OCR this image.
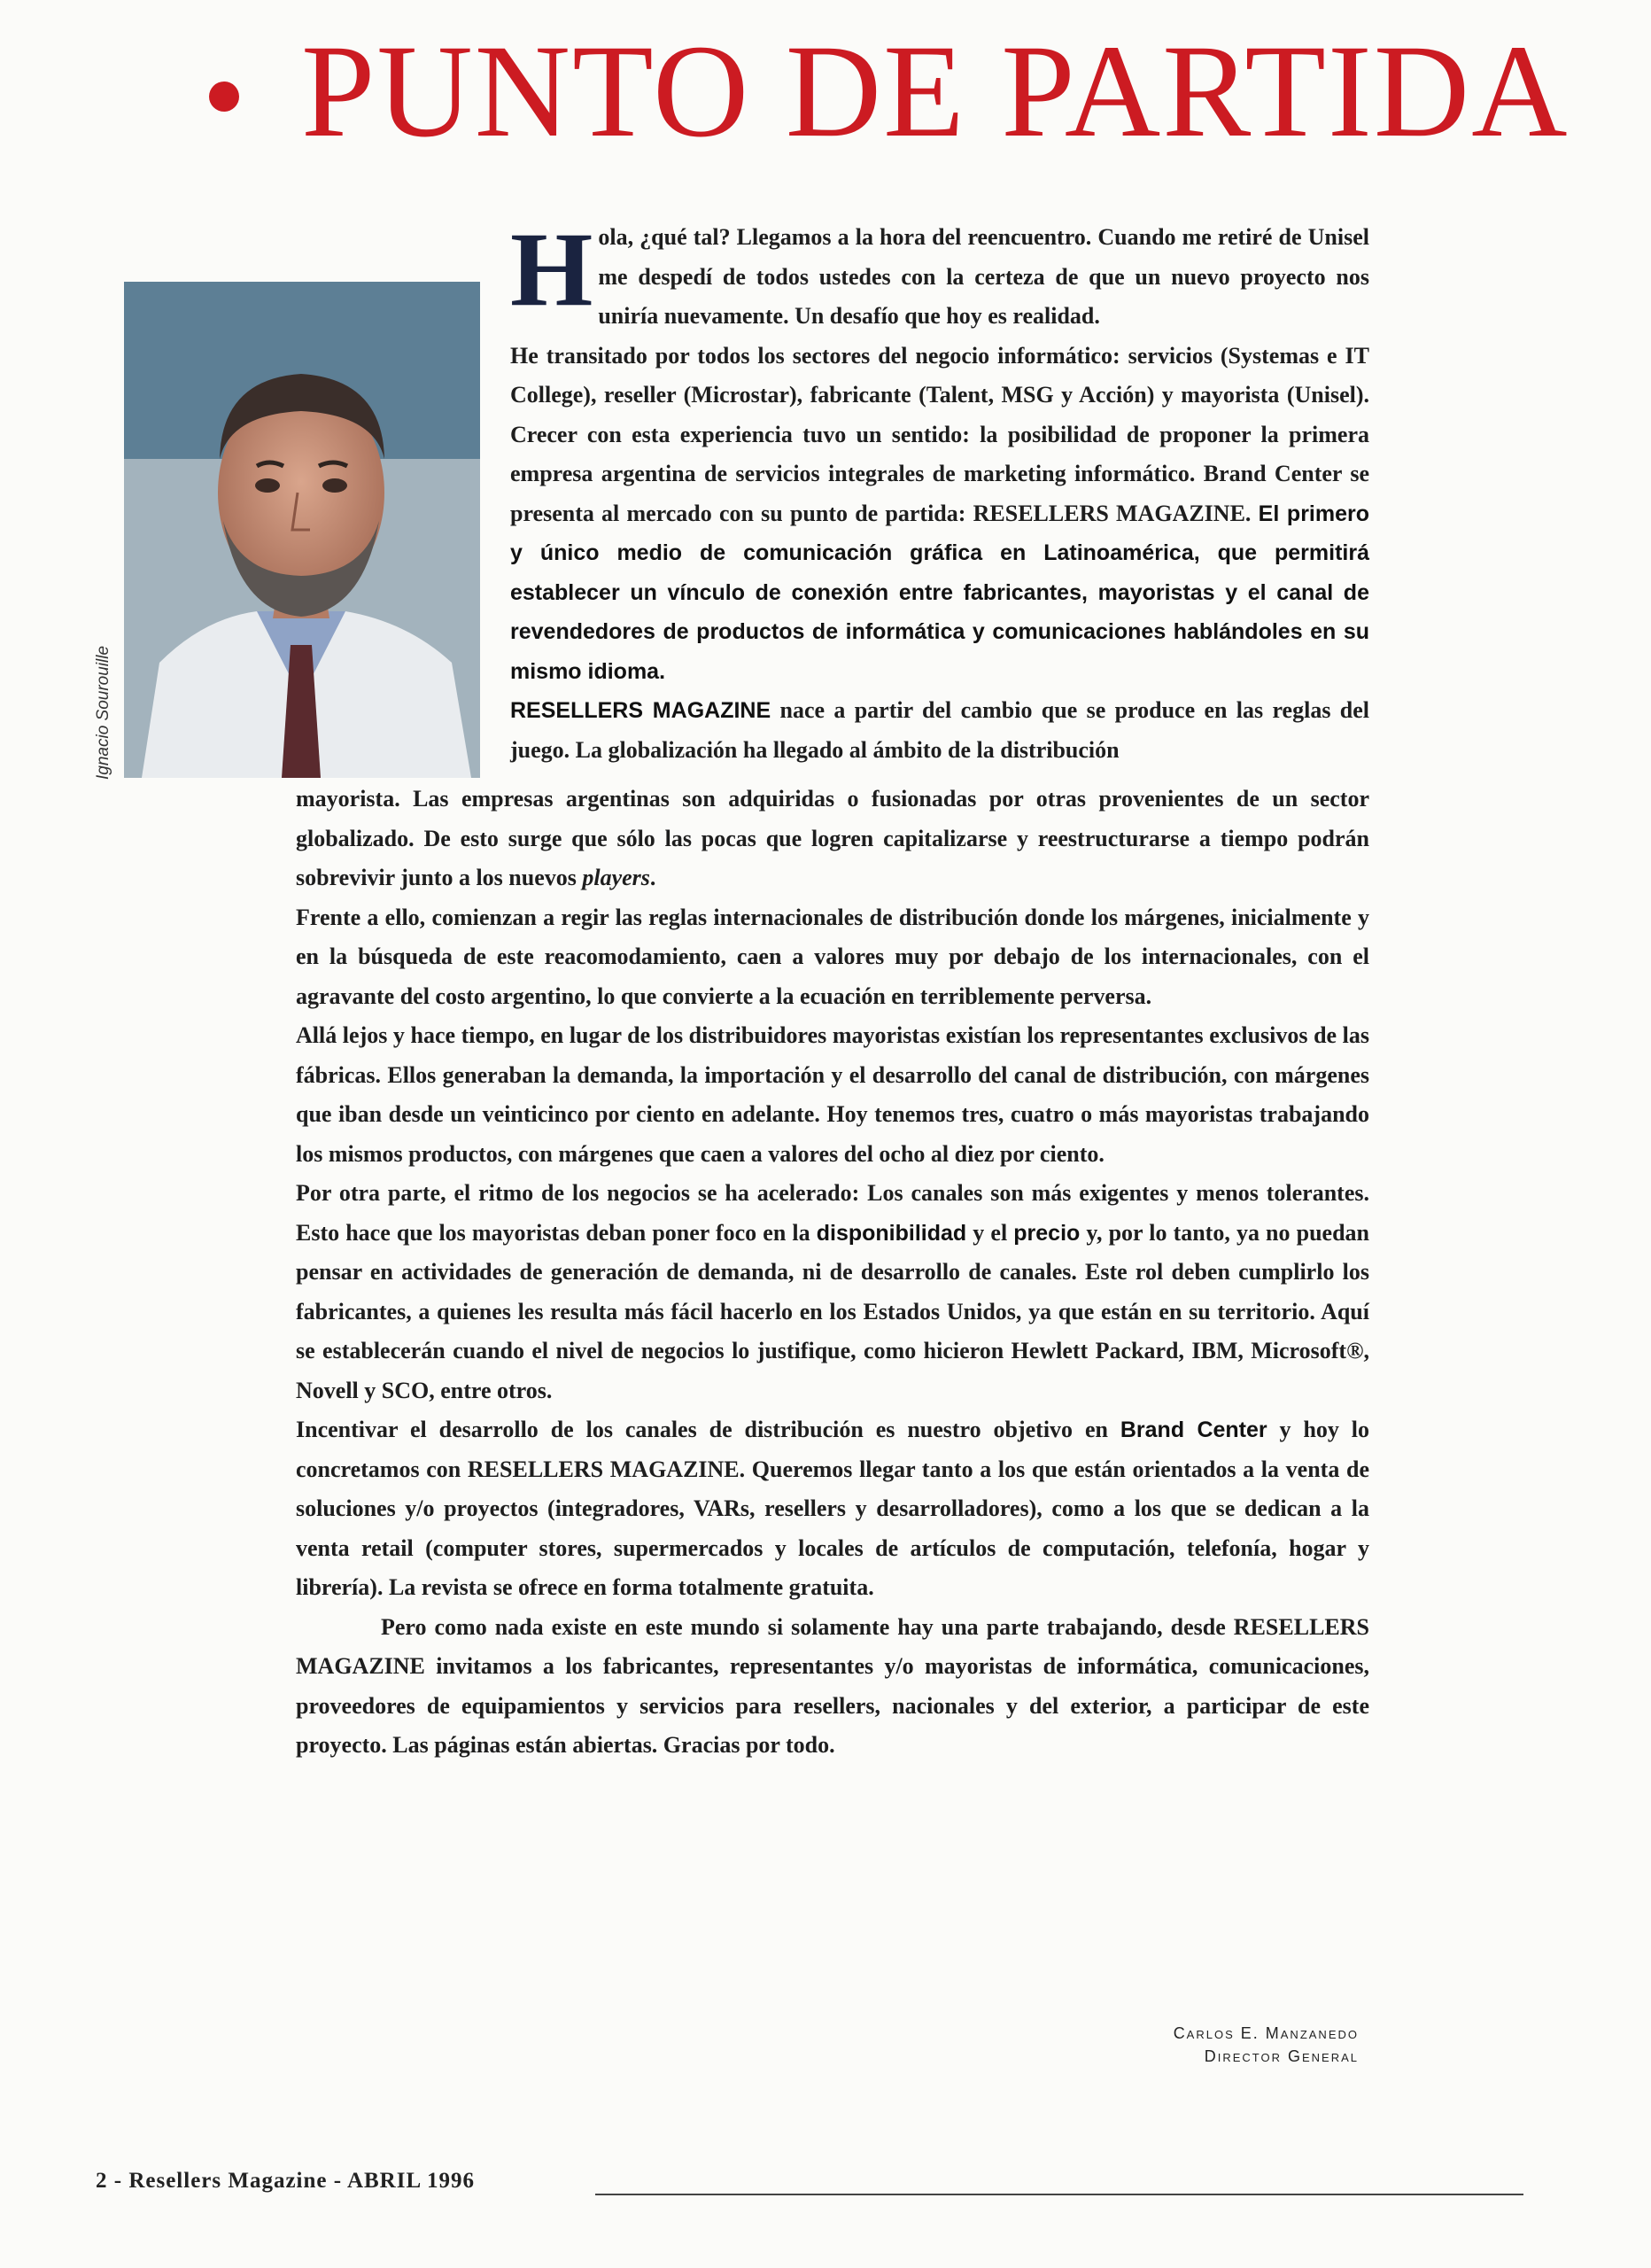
PUNTO DE PARTIDA
Ignacio Sourouille
H ola, ¿qué tal? Llegamos a la hora del reencuentro. Cuando me retiré de Unisel me despedí de todos ustedes con la certeza de que un nuevo proyecto nos uniría nuevamente. Un desafío que hoy es realidad.

He transitado por todos los sectores del negocio informático: servicios (Systemas e IT College), reseller (Microstar), fabricante (Talent, MSG y Acción) y mayorista (Unisel). Crecer con esta experiencia tuvo un sentido: la posibilidad de proponer la primera empresa argentina de servicios integrales de marketing informático. Brand Center se presenta al mercado con su punto de partida: RESELLERS MAGAZINE. El primero y único medio de comunicación gráfica en Latinoamérica, que permitirá establecer un vínculo de conexión entre fabricantes, mayoristas y el canal de revendedores de productos de informática y comunicaciones hablándoles en su mismo idioma.

RESELLERS MAGAZINE nace a partir del cambio que se produce en las reglas del juego. La globalización ha llegado al ámbito de la distribución

mayorista. Las empresas argentinas son adquiridas o fusionadas por otras provenientes de un sector globalizado. De esto surge que sólo las pocas que logren capitalizarse y reestructurarse a tiempo podrán sobrevivir junto a los nuevos players.

Frente a ello, comienzan a regir las reglas internacionales de distribución donde los márgenes, inicialmente y en la búsqueda de este reacomodamiento, caen a valores muy por debajo de los internacionales, con el agravante del costo argentino, lo que convierte a la ecuación en terriblemente perversa.

Allá lejos y hace tiempo, en lugar de los distribuidores mayoristas existían los representantes exclusivos de las fábricas. Ellos generaban la demanda, la importación y el desarrollo del canal de distribución, con márgenes que iban desde un veinticinco por ciento en adelante. Hoy tenemos tres, cuatro o más mayoristas trabajando los mismos productos, con márgenes que caen a valores del ocho al diez por ciento.

Por otra parte, el ritmo de los negocios se ha acelerado: Los canales son más exigentes y menos tolerantes. Esto hace que los mayoristas deban poner foco en la disponibilidad y el precio y, por lo tanto, ya no puedan pensar en actividades de generación de demanda, ni de desarrollo de canales. Este rol deben cumplirlo los fabricantes, a quienes les resulta más fácil hacerlo en los Estados Unidos, ya que están en su territorio. Aquí se establecerán cuando el nivel de negocios lo justifique, como hicieron Hewlett Packard, IBM, Microsoft®, Novell y SCO, entre otros.

Incentivar el desarrollo de los canales de distribución es nuestro objetivo en Brand Center y hoy lo concretamos con RESELLERS MAGAZINE. Queremos llegar tanto a los que están orientados a la venta de soluciones y/o proyectos (integradores, VARs, resellers y desarrolladores), como a los que se dedican a la venta retail (computer stores, supermercados y locales de artículos de computación, telefonía, hogar y librería). La revista se ofrece en forma totalmente gratuita.

Pero como nada existe en este mundo si solamente hay una parte trabajando, desde RESELLERS MAGAZINE invitamos a los fabricantes, representantes y/o mayoristas de informática, comunicaciones, proveedores de equipamientos y servicios para resellers, nacionales y del exterior, a participar de este proyecto. Las páginas están abiertas. Gracias por todo.

Carlos E. Manzanedo
Director General
2 - Resellers Magazine - ABRIL 1996
